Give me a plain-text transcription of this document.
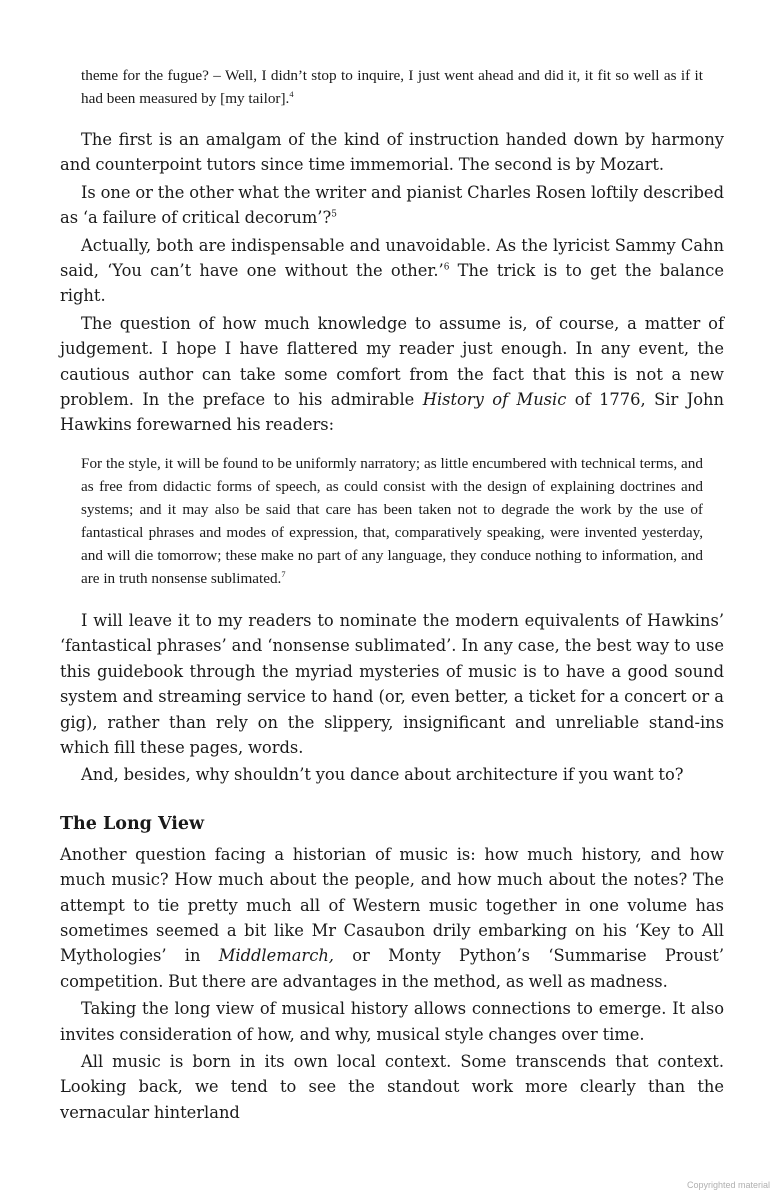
theme for the fugue? – Well, I didn’t stop to inquire, I just went ahead and did it, it fit so well as if it had been measured by [my tailor].$^4$

The first is an amalgam of the kind of instruction handed down by harmony and counterpoint tutors since time immemorial. The second is by Mozart.

Is one or the other what the writer and pianist Charles Rosen loftily described as ‘a failure of critical decorum’?$^5$

Actually, both are indispensable and unavoidable. As the lyricist Sammy Cahn said, ‘You can’t have one without the other.’$^6$ The trick is to get the balance right.

The question of how much knowledge to assume is, of course, a matter of judgement. I hope I have flattered my reader just enough. In any event, the cautious author can take some comfort from the fact that this is not a new problem. In the preface to his admirable History of Music of 1776, Sir John Hawkins forewarned his readers:

For the style, it will be found to be uniformly narratory; as little encumbered with technical terms, and as free from didactic forms of speech, as could consist with the design of explaining doctrines and systems; and it may also be said that care has been taken not to degrade the work by the use of fantastical phrases and modes of expression, that, comparatively speaking, were invented yesterday, and will die tomorrow; these make no part of any language, they conduce nothing to information, and are in truth nonsense sublimated.$^7$

I will leave it to my readers to nominate the modern equivalents of Hawkins’ ‘fantastical phrases’ and ‘nonsense sublimated’. In any case, the best way to use this guidebook through the myriad mysteries of music is to have a good sound system and streaming service to hand (or, even better, a ticket for a concert or a gig), rather than rely on the slippery, insignificant and unreliable stand-ins which fill these pages, words.

And, besides, why shouldn’t you dance about architecture if you want to?

The Long View

Another question facing a historian of music is: how much history, and how much music? How much about the people, and how much about the notes? The attempt to tie pretty much all of Western music together in one volume has sometimes seemed a bit like Mr Casaubon drily embarking on his ‘Key to All Mythologies’ in Middlemarch, or Monty Python’s ‘Summarise Proust’ competition. But there are advantages in the method, as well as madness.

Taking the long view of musical history allows connections to emerge. It also invites consideration of how, and why, musical style changes over time.

All music is born in its own local context. Some transcends that context. Looking back, we tend to see the standout work more clearly than the vernacular hinterland

Copyrighted material
